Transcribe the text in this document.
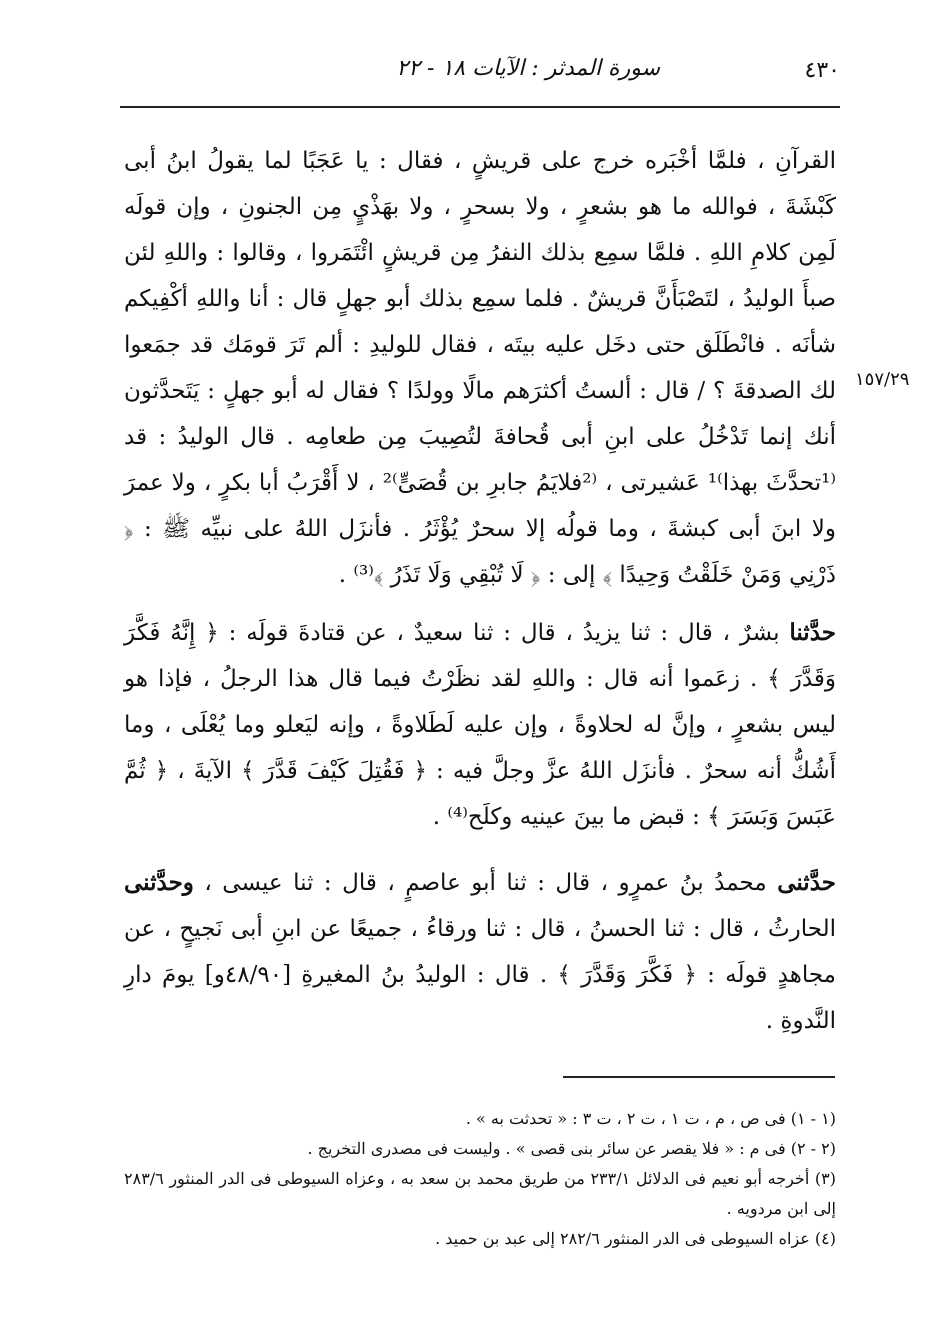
٤٣٠
سورة المدثر : الآيات ١٨ - ٢٢
١٥٧/٢٩

القرآنِ ، فلمَّا أخْبَره خرج على قريشٍ ، فقال : يا عَجَبًا لما يقولُ ابنُ أبى كَبْشَةَ ، فوالله ما هو بشعرٍ ، ولا بسحرٍ ، ولا بهَذْيٍ مِن الجنونِ ، وإن قولَه لَمِن كلامِ اللهِ . فلمَّا سمِع بذلك النفرُ مِن قريشٍ ائْتَمَروا ، وقالوا : واللهِ لئن صبأَ الوليدُ ، لتَصْبَأَنَّ قريشٌ . فلما سمِع بذلك أبو جهلٍ قال : أنا واللهِ أكْفِيكم شأنَه . فانْطَلَق حتى دخَل عليه بيتَه ، فقال للوليدِ : ألم تَرَ قومَك قد جمَعوا لك الصدقةَ ؟ / قال : ألستُ أكثرَهم مالًا وولدًا ؟ فقال له أبو جهلٍ : يَتَحدَّثون أنك إنما تَدْخُلُ على ابنِ أبى قُحافةَ لتُصِيبَ مِن طعامِه . قال الوليدُ : قد ⁽¹تحدَّثَ بهذا⁾¹ عَشيرتى ، ⁽²فلايَمُ جابرِ بن قُصَىٍّ⁾² ، لا أَقْرَبُ أبا بكرٍ ، ولا عمرَ ولا ابنَ أبى كبشةَ ، وما قولُه إلا سحرٌ يُؤْثَرُ . فأنزَل اللهُ على نبيِّه ﷺ : ﴿ ذَرْنِي وَمَنْ خَلَقْتُ وَحِيدًا ﴾ إلى : ﴿ لَا تُبْقِي وَلَا تَذَرُ ﴾⁽³⁾ .

حدَّثنا بشرٌ ، قال : ثنا يزيدُ ، قال : ثنا سعيدٌ ، عن قتادةَ قولَه : ﴿ إِنَّهُ فَكَّرَ وَقَدَّرَ ﴾ . زعَموا أنه قال : واللهِ لقد نظَرْتُ فيما قال هذا الرجلُ ، فإذا هو ليس بشعرٍ ، وإنَّ له لحلاوةً ، وإن عليه لَطَلاوةً ، وإنه ليَعلو وما يُعْلَى ، وما أَشُكُّ أنه سحرٌ . فأنزَل اللهُ عزَّ وجلَّ فيه : ﴿ فَقُتِلَ كَيْفَ قَدَّرَ ﴾ الآيةَ ، ﴿ ثُمَّ عَبَسَ وَبَسَرَ ﴾ : قبض ما بينَ عينيه وكلَح⁽⁴⁾ .

حدَّثنى محمدُ بنُ عمرٍو ، قال : ثنا أبو عاصمٍ ، قال : ثنا عيسى ، وحدَّثنى الحارثُ ، قال : ثنا الحسنُ ، قال : ثنا ورقاءُ ، جميعًا عن ابنِ أبى نَجيحٍ ، عن مجاهدٍ قولَه : ﴿ فَكَّرَ وَقَدَّرَ ﴾ . قال : الوليدُ بنُ المغيرةِ [٤٨/٩٠و] يومَ دارِ النَّدوةِ .

(١ - ١) فى ص ، م ، ت ١ ، ت ٢ ، ت ٣ : « تحدثت به » .

(٢ - ٢) فى م : « فلا يقصر عن سائر بنى قصى » . وليست فى مصدرى التخريج .

(٣) أخرجه أبو نعيم فى الدلائل ٢٣٣/١ من طريق محمد بن سعد به ، وعزاه السيوطى فى الدر المنثور ٢٨٣/٦ إلى ابن مردويه .

(٤) عزاه السيوطى فى الدر المنثور ٢٨٢/٦ إلى عبد بن حميد .
